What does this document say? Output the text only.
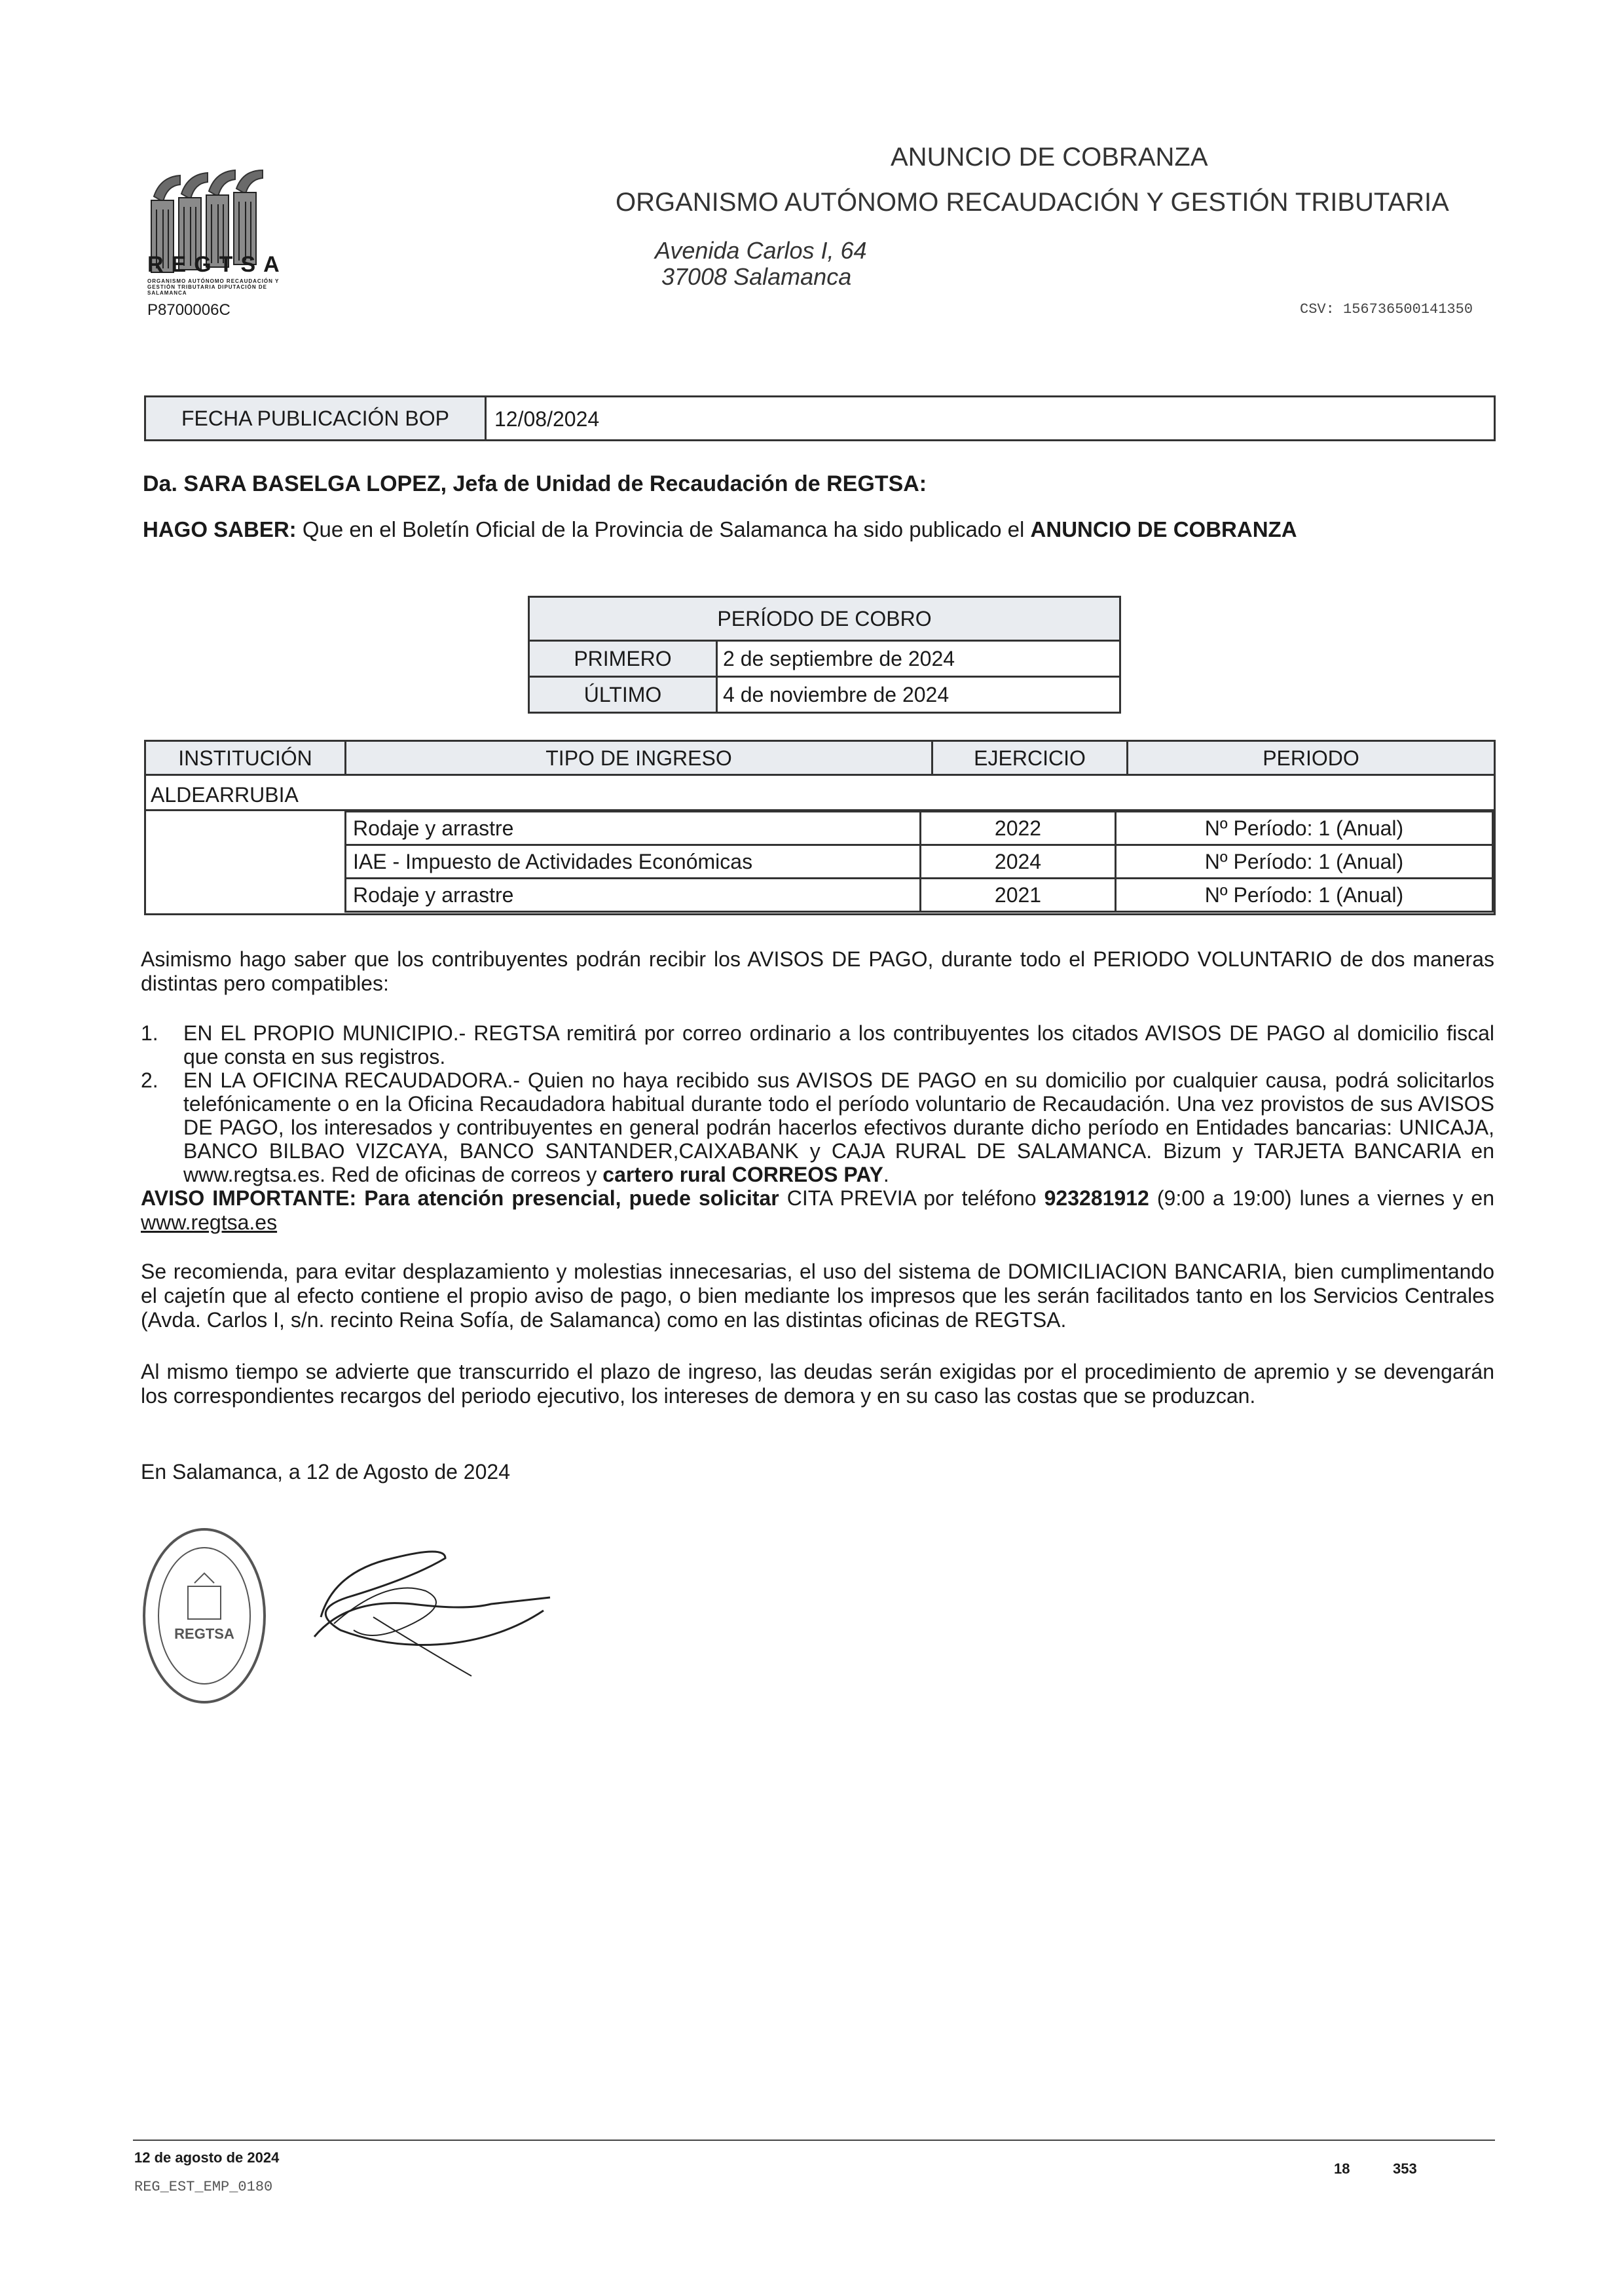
REGTSA
ORGANISMO AUTÓNOMO RECAUDACIÓN Y GESTIÓN TRIBUTARIA DIPUTACIÓN DE SALAMANCA
P8700006C
ANUNCIO DE COBRANZA
ORGANISMO AUTÓNOMO RECAUDACIÓN Y GESTIÓN TRIBUTARIA
Avenida Carlos I, 64
37008 Salamanca
CSV: 156736500141350
FECHA PUBLICACIÓN BOP	12/08/2024
Da. SARA BASELGA LOPEZ, Jefa de Unidad de Recaudación de REGTSA:
HAGO SABER: Que en el Boletín Oficial de la Provincia de Salamanca ha sido publicado el ANUNCIO DE COBRANZA
PERÍODO DE COBRO	
PRIMERO	2 de septiembre de 2024
ÚLTIMO	4 de noviembre de 2024
INSTITUCIÓN	TIPO DE INGRESO	EJERCICIO	PERIODO
ALDEARRUBIA
Rodaje y arrastre	2022	Nº Período: 1 (Anual)
IAE - Impuesto de Actividades Económicas	2024	Nº Período: 1 (Anual)
Rodaje y arrastre	2021	Nº Período: 1 (Anual)
Asimismo hago saber que los contribuyentes podrán recibir los AVISOS DE PAGO, durante todo el PERIODO VOLUNTARIO de dos maneras distintas pero compatibles:
1. EN EL PROPIO MUNICIPIO.- REGTSA remitirá por correo ordinario a los contribuyentes los citados AVISOS DE PAGO al domicilio fiscal que consta en sus registros.
2. EN LA OFICINA RECAUDADORA.- Quien no haya recibido sus AVISOS DE PAGO en su domicilio por cualquier causa, podrá solicitarlos telefónicamente o en la Oficina Recaudadora habitual durante todo el período voluntario de Recaudación. Una vez provistos de sus AVISOS DE PAGO, los interesados y contribuyentes en general podrán hacerlos efectivos durante dicho período en Entidades bancarias: UNICAJA, BANCO BILBAO VIZCAYA, BANCO SANTANDER,CAIXABANK y CAJA RURAL DE SALAMANCA. Bizum y TARJETA BANCARIA en www.regtsa.es. Red de oficinas de correos y cartero rural CORREOS PAY.
AVISO IMPORTANTE: Para atención presencial, puede solicitar CITA PREVIA por teléfono 923281912 (9:00 a 19:00) lunes a viernes y en www.regtsa.es
Se recomienda, para evitar desplazamiento y molestias innecesarias, el uso del sistema de DOMICILIACION BANCARIA, bien cumplimentando el cajetín que al efecto contiene el propio aviso de pago, o bien mediante los impresos que les serán facilitados tanto en los Servicios Centrales (Avda. Carlos I, s/n. recinto Reina Sofía, de Salamanca) como en las distintas oficinas de REGTSA.
Al mismo tiempo se advierte que transcurrido el plazo de ingreso, las deudas serán exigidas por el procedimiento de apremio y se devengarán los correspondientes recargos del periodo ejecutivo, los intereses de demora y en su caso las costas que se produzcan.
En Salamanca, a 12 de Agosto de 2024
REGTSA
12 de agosto de 2024
REG_EST_EMP_0180
18	353
